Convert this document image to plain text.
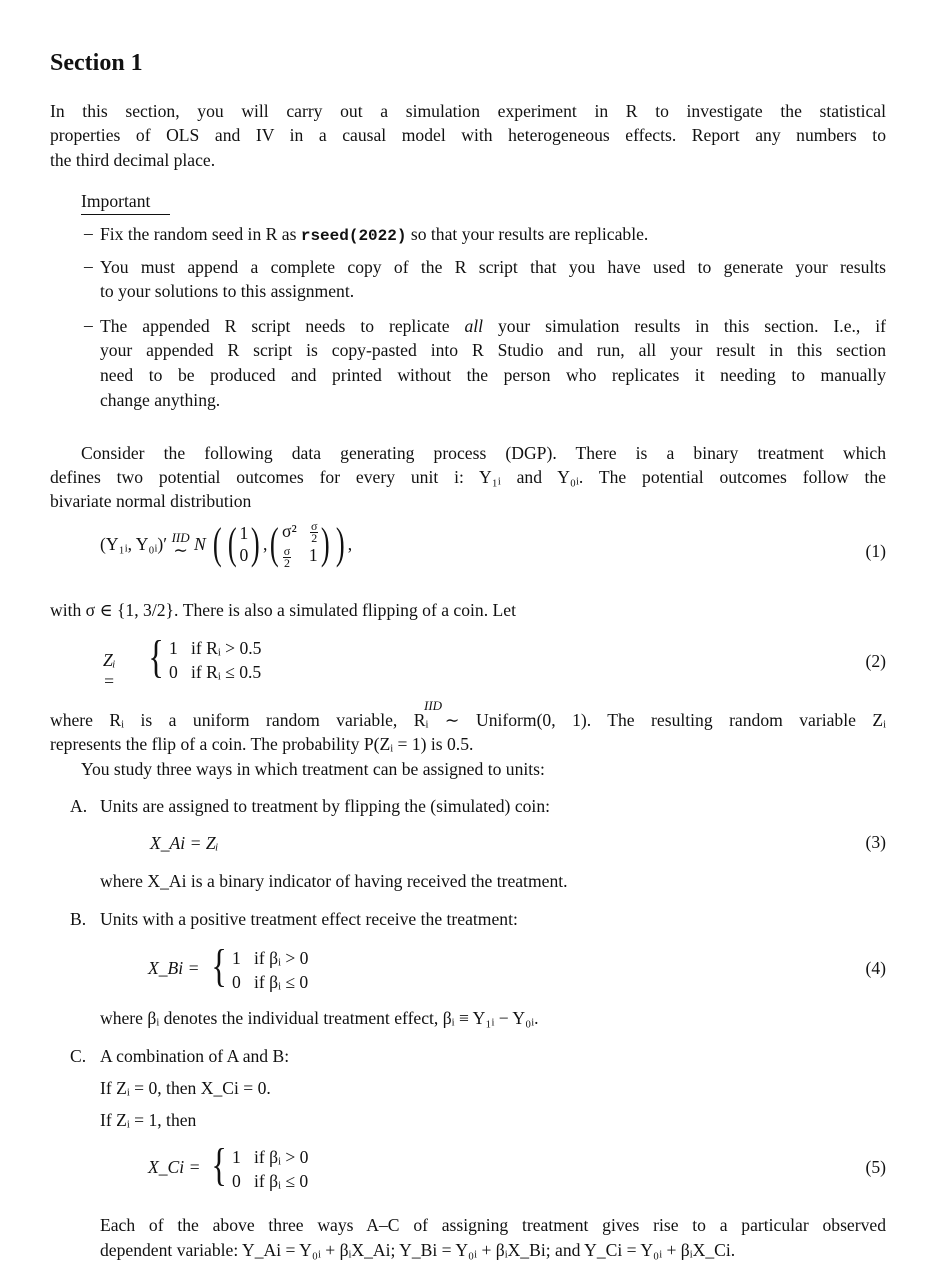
Section 1
In this section, you will carry out a simulation experiment in R to investigate the statistical
properties of OLS and IV in a causal model with heterogeneous effects. Report any numbers to
the third decimal place.
Important
– Fix the random seed in R as rseed(2022) so that your results are replicable.
– You must append a complete copy of the R script that you have used to generate your results
to your solutions to this assignment.
– The appended R script needs to replicate all your simulation results in this section. I.e., if
your appended R script is copy-pasted into R Studio and run, all your result in this section
need to be produced and printed without the person who replicates it needing to manually
change anything.
Consider the following data generating process (DGP). There is a binary treatment which
defines two potential outcomes for every unit i: Y₁ᵢ and Y₀ᵢ. The potential outcomes follow the
bivariate normal distribution
(Y₁ᵢ, Y₀ᵢ)′ IID
∼ N ( ( 1
0) ,( $\sigma^2 \frac{\sigma}{2}$

$\frac{\sigma}{2} 1$) ) ,	(1)
with σ ∈ {1, 3/2}. There is also a simulated flipping of a coin. Let
Zᵢ = { 1   if Rᵢ > 0.5
0   if Rᵢ ≤ 0.5
(2)
IID
where Rᵢ is a uniform random variable, Rᵢ ∼ Uniform(0, 1). The resulting random variable Zᵢ
represents the flip of a coin. The probability P(Zᵢ = 1) is 0.5.
You study three ways in which treatment can be assigned to units:
A. Units are assigned to treatment by flipping the (simulated) coin:
X_Ai = Zᵢ	(3)
where X_Ai is a binary indicator of having received the treatment.
B. Units with a positive treatment effect receive the treatment:
X_Bi = { 1   if βᵢ > 0
0   if βᵢ ≤ 0
(4)
where βᵢ denotes the individual treatment effect, βᵢ ≡ Y₁ᵢ − Y₀ᵢ.
C. A combination of A and B:
If Zᵢ = 0, then X_Ci = 0.
If Zᵢ = 1, then
X_Ci = { 1   if βᵢ > 0
0   if βᵢ ≤ 0
(5)
Each of the above three ways A–C of assigning treatment gives rise to a particular observed
dependent variable: Y_Ai = Y₀ᵢ + βᵢX_Ai; Y_Bi = Y₀ᵢ + βᵢX_Bi; and Y_Ci = Y₀ᵢ + βᵢX_Ci.
